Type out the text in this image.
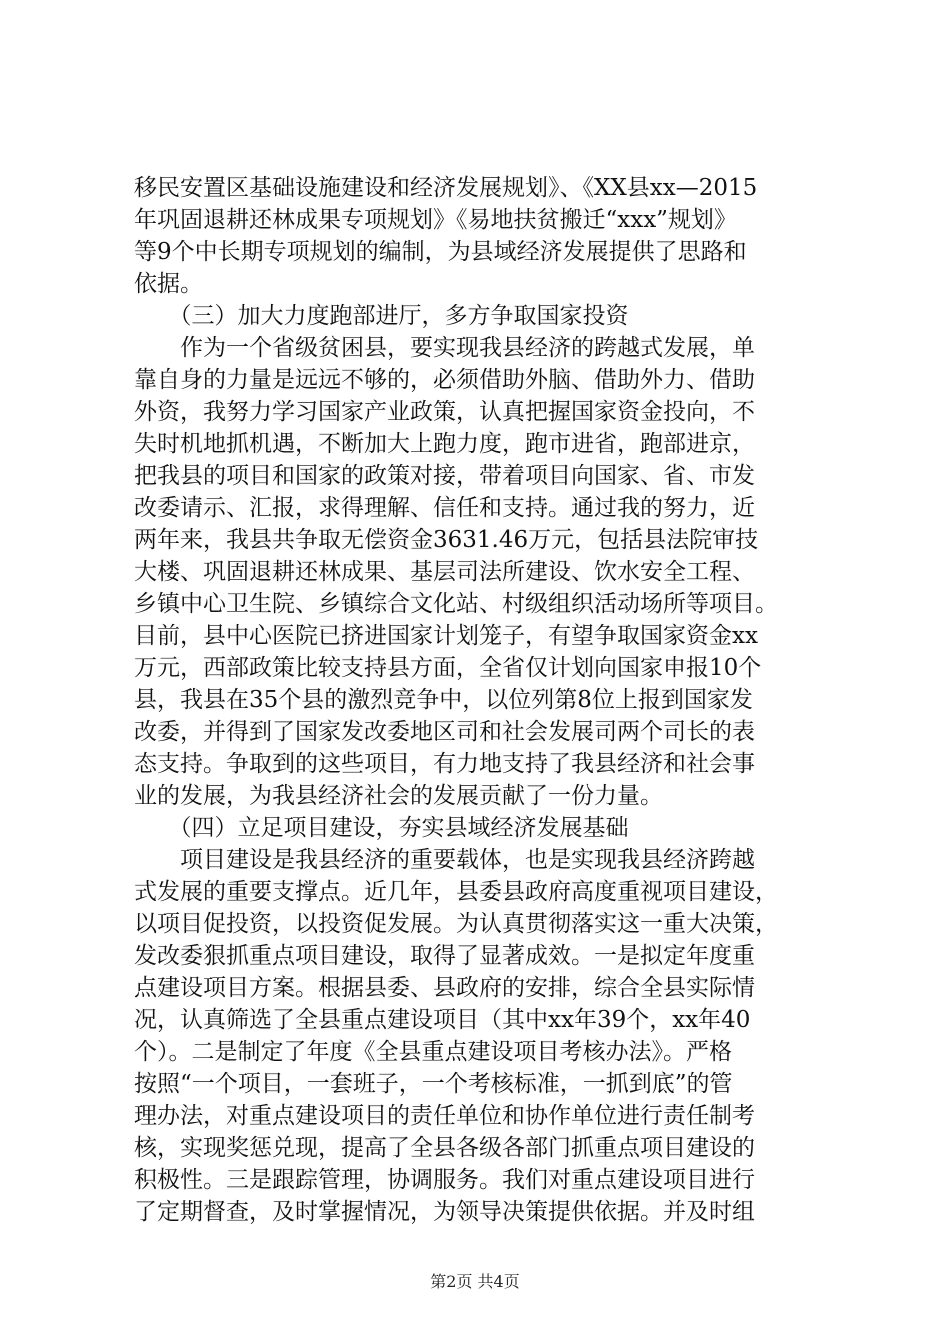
移民安置区基础设施建设和经济发展规划》、《XX县xx—2015
年巩固退耕还林成果专项规划》《易地扶贫搬迁“xxx”规划》
等9个中长期专项规划的编制，为县域经济发展提供了思路和
依据。
　　（三）加大力度跑部进厅，多方争取国家投资
　　作为一个省级贫困县，要实现我县经济的跨越式发展，单
靠自身的力量是远远不够的，必须借助外脑、借助外力、借助
外资，我努力学习国家产业政策，认真把握国家资金投向，不
失时机地抓机遇，不断加大上跑力度，跑市进省，跑部进京，
把我县的项目和国家的政策对接，带着项目向国家、省、市发
改委请示、汇报，求得理解、信任和支持。通过我的努力，近
两年来，我县共争取无偿资金3631.46万元，包括县法院审技
大楼、巩固退耕还林成果、基层司法所建设、饮水安全工程、
乡镇中心卫生院、乡镇综合文化站、村级组织活动场所等项目。
目前，县中心医院已挤进国家计划笼子，有望争取国家资金xx
万元，西部政策比较支持县方面，全省仅计划向国家申报10个
县，我县在35个县的激烈竞争中，以位列第8位上报到国家发
改委，并得到了国家发改委地区司和社会发展司两个司长的表
态支持。争取到的这些项目，有力地支持了我县经济和社会事
业的发展，为我县经济社会的发展贡献了一份力量。
　　（四）立足项目建设，夯实县域经济发展基础
　　项目建设是我县经济的重要载体，也是实现我县经济跨越
式发展的重要支撑点。近几年，县委县政府高度重视项目建设，
以项目促投资，以投资促发展。为认真贯彻落实这一重大决策，
发改委狠抓重点项目建设，取得了显著成效。一是拟定年度重
点建设项目方案。根据县委、县政府的安排，综合全县实际情
况，认真筛选了全县重点建设项目（其中xx年39个，xx年40
个）。二是制定了年度《全县重点建设项目考核办法》。严格
按照“一个项目，一套班子，一个考核标准，一抓到底”的管
理办法，对重点建设项目的责任单位和协作单位进行责任制考
核，实现奖惩兑现，提高了全县各级各部门抓重点项目建设的
积极性。三是跟踪管理，协调服务。我们对重点建设项目进行
了定期督查，及时掌握情况，为领导决策提供依据。并及时组
第2页 共4页
